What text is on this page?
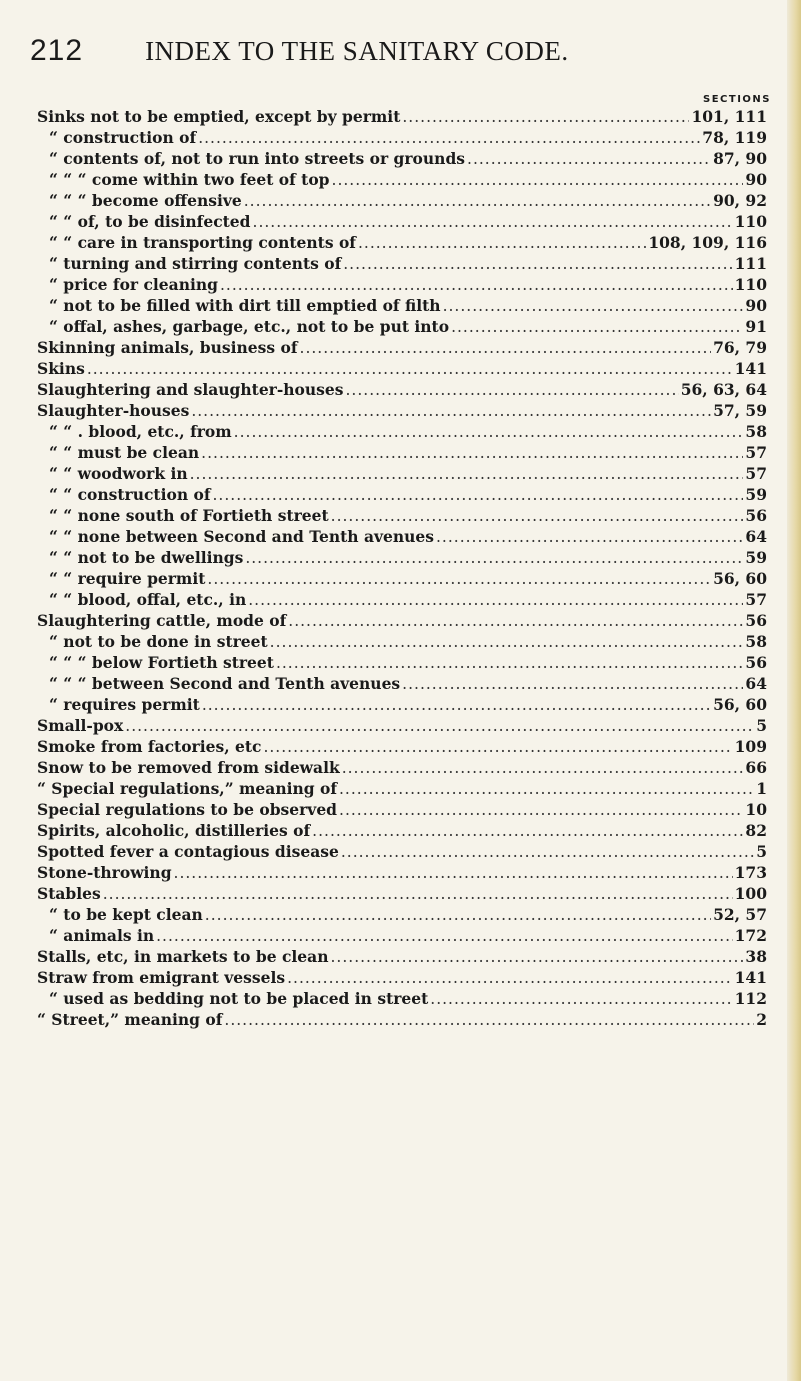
212 INDEX TO THE SANITARY CODE.
SECTIONS
Sinks not to be emptied, except by permit .....	101, 111
“ construction of .....	78, 119
“ contents of, not to run into streets or grounds .....	87, 90
“ “ “ come within two feet of top .....	90
“ “ “ become offensive .....	90, 92
“ “ of, to be disinfected .....	110
“ “ care in transporting contents of .....	108, 109, 116
“ turning and stirring contents of .....	111
“ price for cleaning .....	110
“ not to be filled with dirt till emptied of filth .....	90
“ offal, ashes, garbage, etc., not to be put into .....	91
Skinning animals, business of .....	76, 79
Skins .....	141
Slaughtering and slaughter-houses .....	56, 63, 64
Slaughter-houses .....	57, 59
“ “ . blood, etc., from .....	58
“ “ must be clean .....	57
“ “ woodwork in .....	57
“ “ construction of .....	59
“ “ none south of Fortieth street .....	56
“ “ none between Second and Tenth avenues .....	64
“ “ not to be dwellings .....	59
“ “ require permit .....	56, 60
“ “ blood, offal, etc., in .....	57
Slaughtering cattle, mode of .....	56
“ not to be done in street .....	58
“ “ “ below Fortieth street .....	56
“ “ “ between Second and Tenth avenues .....	64
“ requires permit .....	56, 60
Small-pox .....	5
Smoke from factories, etc .....	109
Snow to be removed from sidewalk .....	66
“ Special regulations,” meaning of .....	1
Special regulations to be observed .....	10
Spirits, alcoholic, distilleries of .....	82
Spotted fever a contagious disease .....	5
Stone-throwing .....	173
Stables .....	100
“ to be kept clean .....	52, 57
“ animals in .....	172
Stalls, etc, in markets to be clean .....	38
Straw from emigrant vessels .....	141
“ used as bedding not to be placed in street .....	112
“ Street,” meaning of .....	2
